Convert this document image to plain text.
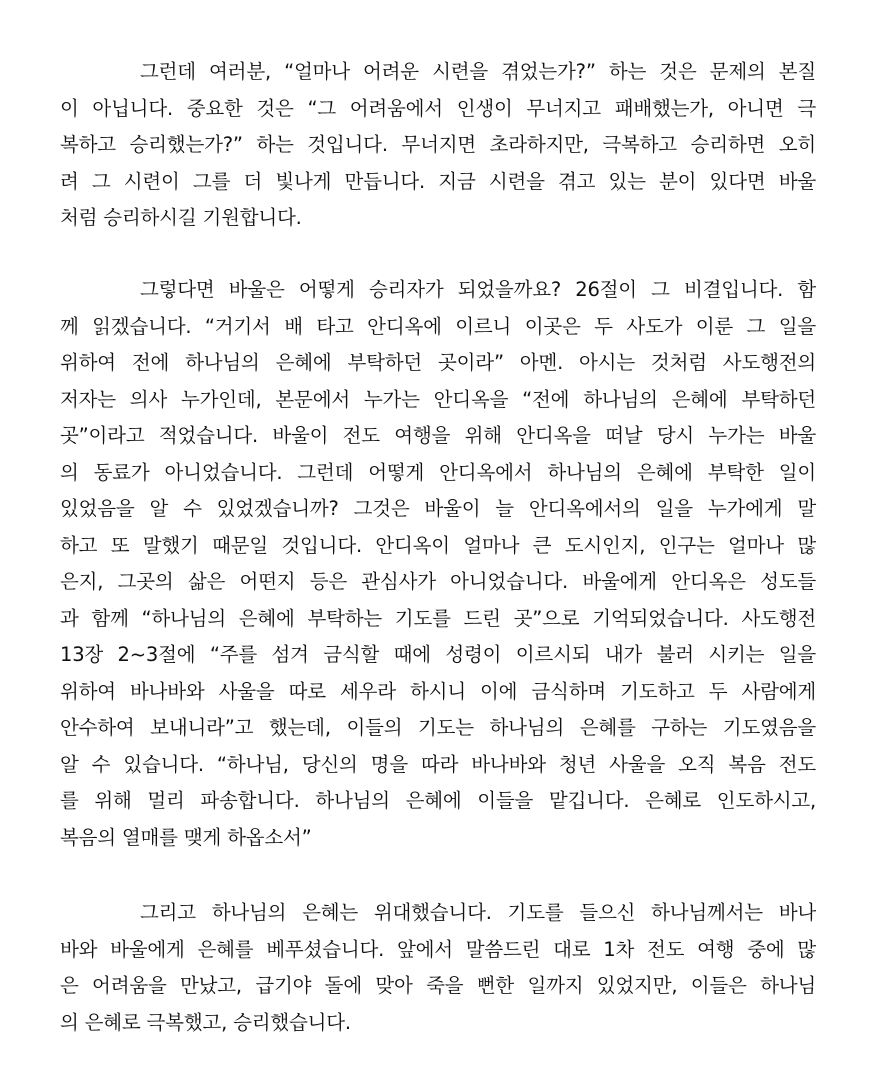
그런데 여러분, “얼마나 어려운 시련을 겪었는가?” 하는 것은 문제의 본질
이 아닙니다. 중요한 것은 “그 어려움에서 인생이 무너지고 패배했는가, 아니면 극
복하고 승리했는가?” 하는 것입니다. 무너지면 초라하지만, 극복하고 승리하면 오히
려 그 시련이 그를 더 빛나게 만듭니다. 지금 시련을 겪고 있는 분이 있다면 바울
처럼 승리하시길 기원합니다.
그렇다면 바울은 어떻게 승리자가 되었을까요? 26절이 그 비결입니다. 함
께 읽겠습니다. “거기서 배 타고 안디옥에 이르니 이곳은 두 사도가 이룬 그 일을
위하여 전에 하나님의 은혜에 부탁하던 곳이라” 아멘. 아시는 것처럼 사도행전의
저자는 의사 누가인데, 본문에서 누가는 안디옥을 “전에 하나님의 은혜에 부탁하던
곳”이라고 적었습니다. 바울이 전도 여행을 위해 안디옥을 떠날 당시 누가는 바울
의 동료가 아니었습니다. 그런데 어떻게 안디옥에서 하나님의 은혜에 부탁한 일이
있었음을 알 수 있었겠습니까? 그것은 바울이 늘 안디옥에서의 일을 누가에게 말
하고 또 말했기 때문일 것입니다. 안디옥이 얼마나 큰 도시인지, 인구는 얼마나 많
은지, 그곳의 삶은 어떤지 등은 관심사가 아니었습니다. 바울에게 안디옥은 성도들
과 함께 “하나님의 은혜에 부탁하는 기도를 드린 곳”으로 기억되었습니다. 사도행전
13장 2~3절에 “주를 섬겨 금식할 때에 성령이 이르시되 내가 불러 시키는 일을
위하여 바나바와 사울을 따로 세우라 하시니 이에 금식하며 기도하고 두 사람에게
안수하여 보내니라”고 했는데, 이들의 기도는 하나님의 은혜를 구하는 기도였음을
알 수 있습니다. “하나님, 당신의 명을 따라 바나바와 청년 사울을 오직 복음 전도
를 위해 멀리 파송합니다. 하나님의 은혜에 이들을 맡깁니다. 은혜로 인도하시고,
복음의 열매를 맺게 하옵소서”
그리고 하나님의 은혜는 위대했습니다. 기도를 들으신 하나님께서는 바나
바와 바울에게 은혜를 베푸셨습니다. 앞에서 말씀드린 대로 1차 전도 여행 중에 많
은 어려움을 만났고, 급기야 돌에 맞아 죽을 뻔한 일까지 있었지만, 이들은 하나님
의 은혜로 극복했고, 승리했습니다.
